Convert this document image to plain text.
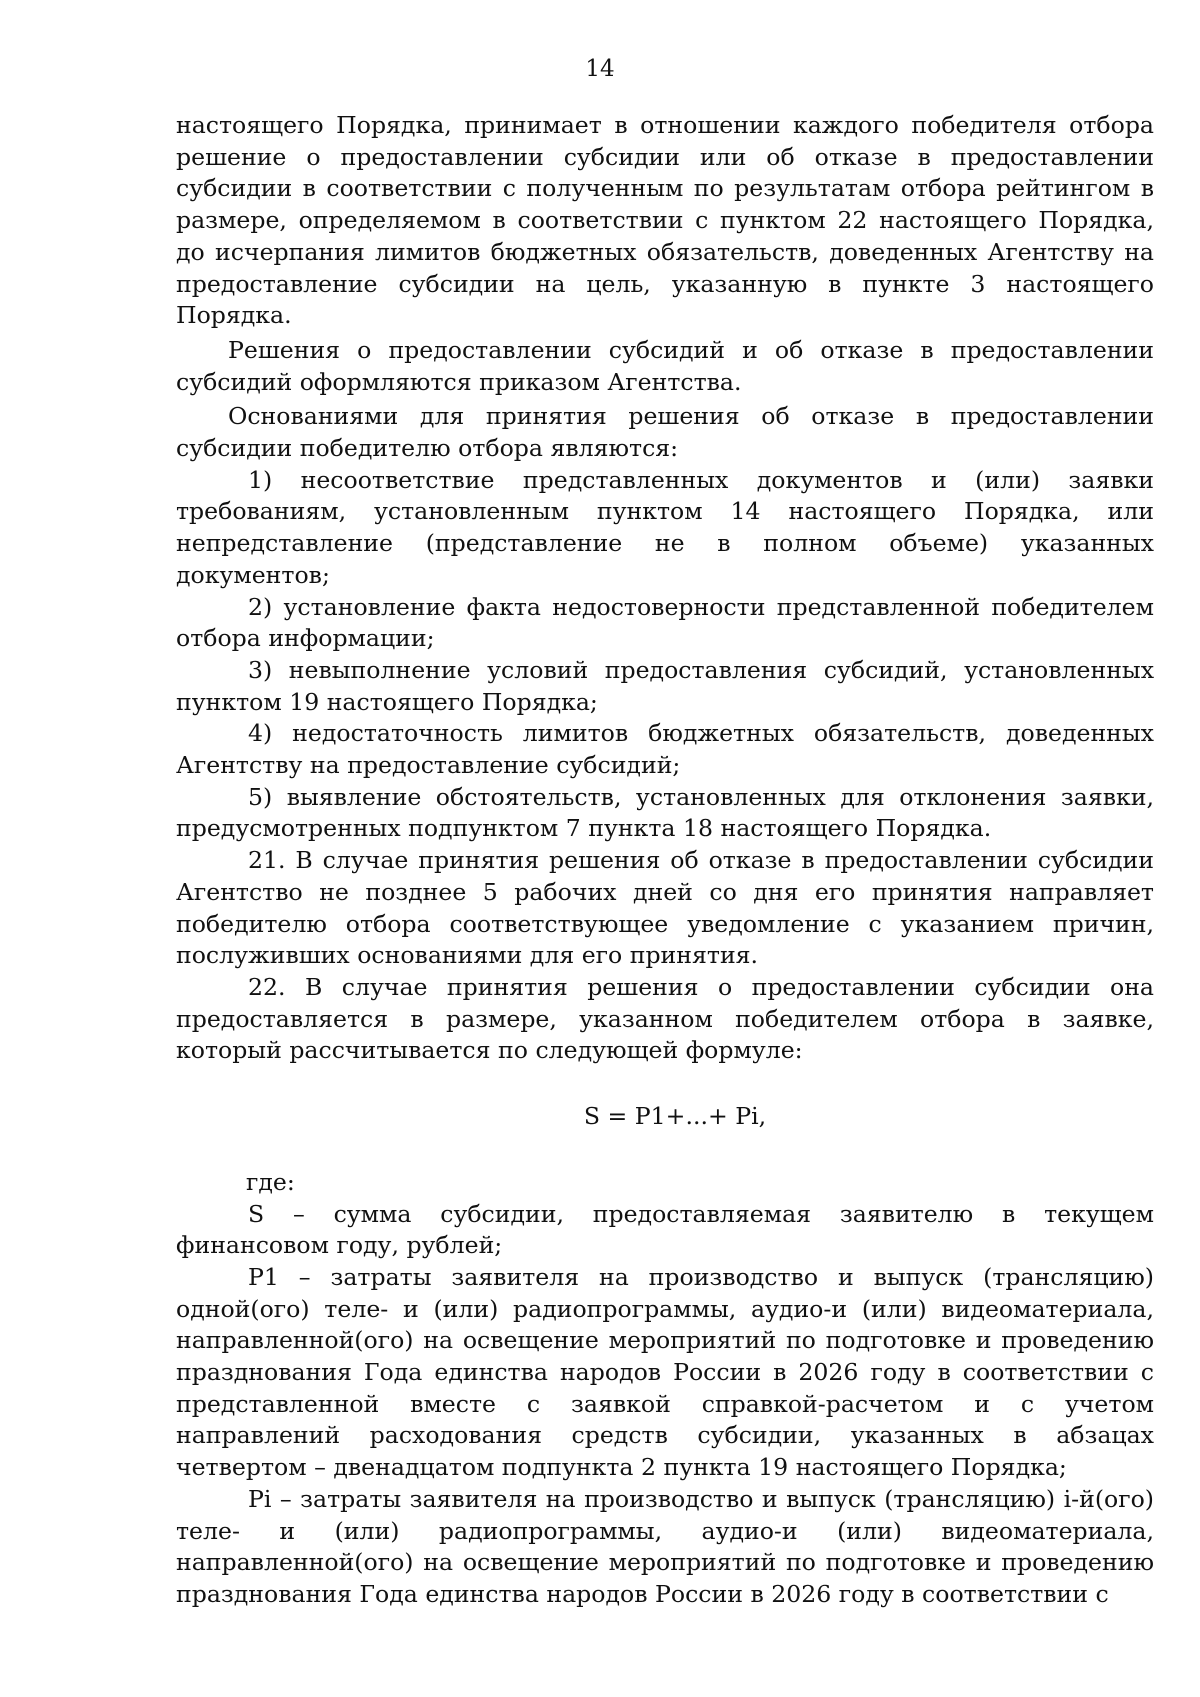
14

настоящего Порядка, принимает в отношении каждого победителя отбора решение о предоставлении субсидии или об отказе в предоставлении субсидии в соответствии с полученным по результатам отбора рейтингом в размере, определяемом в соответствии с пунктом 22 настоящего Порядка, до исчерпания лимитов бюджетных обязательств, доведенных Агентству на предоставление субсидии на цель, указанную в пункте 3 настоящего Порядка.

Решения о предоставлении субсидий и об отказе в предоставлении субсидий оформляются приказом Агентства.

Основаниями для принятия решения об отказе в предоставлении субсидии победителю отбора являются:

1) несоответствие представленных документов и (или) заявки требованиям, установленным пунктом 14 настоящего Порядка, или непредставление (представление не в полном объеме) указанных документов;

2) установление факта недостоверности представленной победителем отбора информации;

3) невыполнение условий предоставления субсидий, установленных пунктом 19 настоящего Порядка;

4) недостаточность лимитов бюджетных обязательств, доведенных Агентству на предоставление субсидий;

5) выявление обстоятельств, установленных для отклонения заявки, предусмотренных подпунктом 7 пункта 18 настоящего Порядка.

21. В случае принятия решения об отказе в предоставлении субсидии Агентство не позднее 5 рабочих дней со дня его принятия направляет победителю отбора соответствующее уведомление с указанием причин, послуживших основаниями для его принятия.

22. В случае принятия решения о предоставлении субсидии она предоставляется в размере, указанном победителем отбора в заявке, который рассчитывается по следующей формуле:

S = P1+...+ Pi,

где:

S – сумма субсидии, предоставляемая заявителю в текущем финансовом году, рублей;

P1 – затраты заявителя на производство и выпуск (трансляцию) одной(ого) теле- и (или) радиопрограммы, аудио-и (или) видеоматериала, направленной(ого) на освещение мероприятий по подготовке и проведению празднования Года единства народов России в 2026 году в соответствии с представленной вместе с заявкой справкой-расчетом и с учетом направлений расходования средств субсидии, указанных в абзацах четвертом – двенадцатом подпункта 2 пункта 19 настоящего Порядка;

Pi – затраты заявителя на производство и выпуск (трансляцию) i-й(ого) теле- и (или) радиопрограммы, аудио-и (или) видеоматериала, направленной(ого) на освещение мероприятий по подготовке и проведению празднования Года единства народов России в 2026 году в соответствии с
